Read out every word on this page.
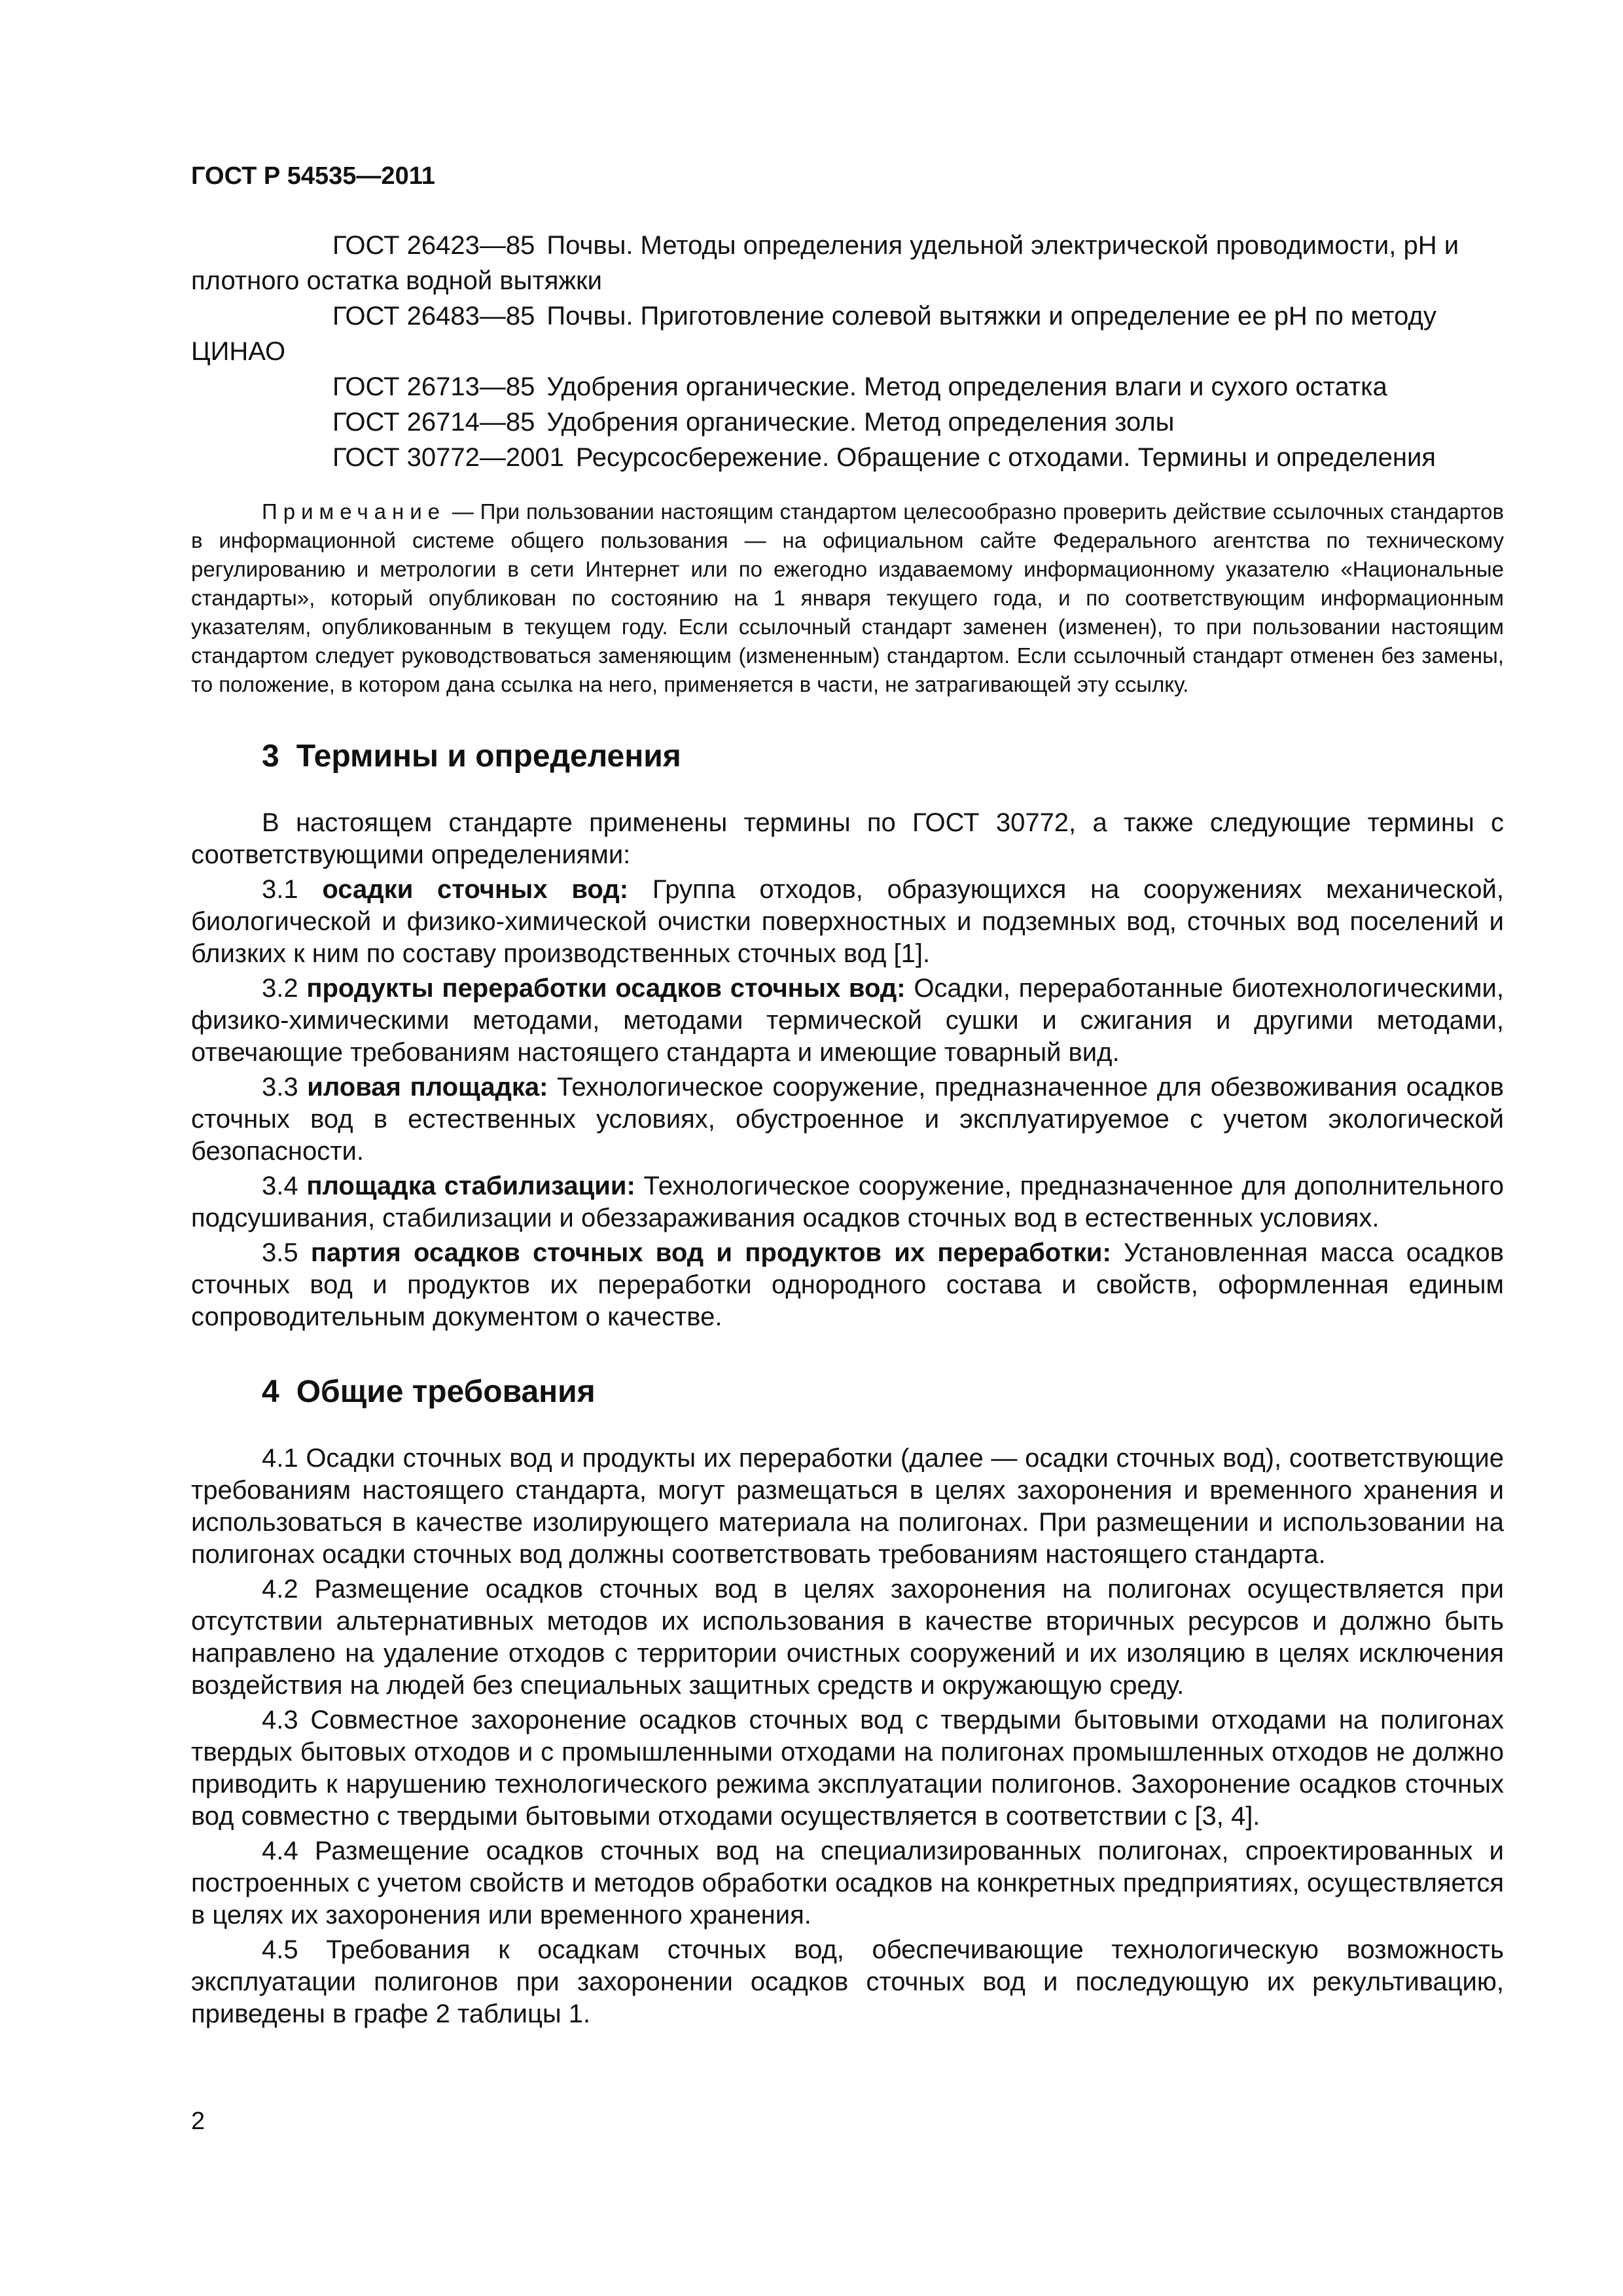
ГОСТ Р 54535—2011

ГОСТ 26423—85 Почвы. Методы определения удельной электрической проводимости, рН и плотного остатка водной вытяжки

ГОСТ 26483—85 Почвы. Приготовление солевой вытяжки и определение ее рН по методу ЦИНАО

ГОСТ 26713—85 Удобрения органические. Метод определения влаги и сухого остатка

ГОСТ 26714—85 Удобрения органические. Метод определения золы

ГОСТ 30772—2001 Ресурсосбережение. Обращение с отходами. Термины и определения

Примечание — При пользовании настоящим стандартом целесообразно проверить действие ссылочных стандартов в информационной системе общего пользования — на официальном сайте Федерального агентства по техническому регулированию и метрологии в сети Интернет или по ежегодно издаваемому информационному указателю «Национальные стандарты», который опубликован по состоянию на 1 января текущего года, и по соответствующим информационным указателям, опубликованным в текущем году. Если ссылочный стандарт заменен (изменен), то при пользовании настоящим стандартом следует руководствоваться заменяющим (измененным) стандартом. Если ссылочный стандарт отменен без замены, то положение, в котором дана ссылка на него, применяется в части, не затрагивающей эту ссылку.

3 Термины и определения

В настоящем стандарте применены термины по ГОСТ 30772, а также следующие термины с соответствующими определениями:

3.1 осадки сточных вод: Группа отходов, образующихся на сооружениях механической, биологической и физико-химической очистки поверхностных и подземных вод, сточных вод поселений и близких к ним по составу производственных сточных вод [1].

3.2 продукты переработки осадков сточных вод: Осадки, переработанные биотехнологическими, физико-химическими методами, методами термической сушки и сжигания и другими методами, отвечающие требованиям настоящего стандарта и имеющие товарный вид.

3.3 иловая площадка: Технологическое сооружение, предназначенное для обезвоживания осадков сточных вод в естественных условиях, обустроенное и эксплуатируемое с учетом экологической безопасности.

3.4 площадка стабилизации: Технологическое сооружение, предназначенное для дополнительного подсушивания, стабилизации и обеззараживания осадков сточных вод в естественных условиях.

3.5 партия осадков сточных вод и продуктов их переработки: Установленная масса осадков сточных вод и продуктов их переработки однородного состава и свойств, оформленная единым сопроводительным документом о качестве.

4 Общие требования

4.1 Осадки сточных вод и продукты их переработки (далее — осадки сточных вод), соответствующие требованиям настоящего стандарта, могут размещаться в целях захоронения и временного хранения и использоваться в качестве изолирующего материала на полигонах. При размещении и использовании на полигонах осадки сточных вод должны соответствовать требованиям настоящего стандарта.

4.2 Размещение осадков сточных вод в целях захоронения на полигонах осуществляется при отсутствии альтернативных методов их использования в качестве вторичных ресурсов и должно быть направлено на удаление отходов с территории очистных сооружений и их изоляцию в целях исключения воздействия на людей без специальных защитных средств и окружающую среду.

4.3 Совместное захоронение осадков сточных вод с твердыми бытовыми отходами на полигонах твердых бытовых отходов и с промышленными отходами на полигонах промышленных отходов не должно приводить к нарушению технологического режима эксплуатации полигонов. Захоронение осадков сточных вод совместно с твердыми бытовыми отходами осуществляется в соответствии с [3, 4].

4.4 Размещение осадков сточных вод на специализированных полигонах, спроектированных и построенных с учетом свойств и методов обработки осадков на конкретных предприятиях, осуществляется в целях их захоронения или временного хранения.

4.5 Требования к осадкам сточных вод, обеспечивающие технологическую возможность эксплуатации полигонов при захоронении осадков сточных вод и последующую их рекультивацию, приведены в графе 2 таблицы 1.

2
